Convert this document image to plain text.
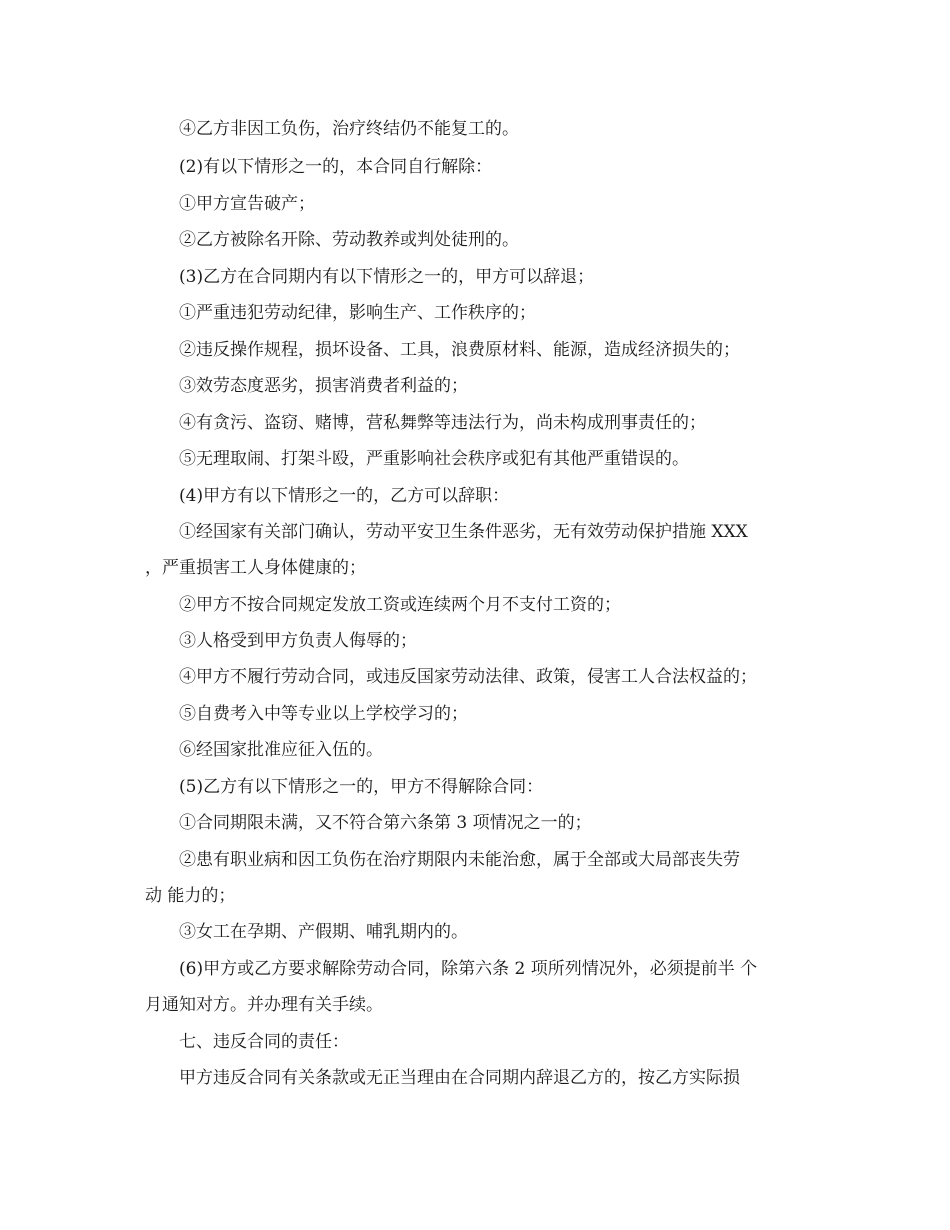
④乙方非因工负伤，治疗终结仍不能复工的。
(2)有以下情形之一的，本合同自行解除：
①甲方宣告破产；
②乙方被除名开除、劳动教养或判处徒刑的。
(3)乙方在合同期内有以下情形之一的，甲方可以辞退；
①严重违犯劳动纪律，影响生产、工作秩序的；
②违反操作规程，损坏设备、工具，浪费原材料、能源，造成经济损失的；
③效劳态度恶劣，损害消费者利益的；
④有贪污、盗窃、赌博，营私舞弊等违法行为，尚未构成刑事责任的；
⑤无理取闹、打架斗殴，严重影响社会秩序或犯有其他严重错误的。
(4)甲方有以下情形之一的，乙方可以辞职：
①经国家有关部门确认，劳动平安卫生条件恶劣，无有效劳动保护措施 XXX
，严重损害工人身体健康的；
②甲方不按合同规定发放工资或连续两个月不支付工资的；
③人格受到甲方负责人侮辱的；
④甲方不履行劳动合同，或违反国家劳动法律、政策，侵害工人合法权益的；
⑤自费考入中等专业以上学校学习的；
⑥经国家批准应征入伍的。
(5)乙方有以下情形之一的，甲方不得解除合同：
①合同期限未满，又不符合第六条第 3 项情况之一的；
②患有职业病和因工负伤在治疗期限内未能治愈，属于全部或大局部丧失劳
动 能力的；
③女工在孕期、产假期、哺乳期内的。
(6)甲方或乙方要求解除劳动合同，除第六条 2 项所列情况外，必须提前半 个
月通知对方。并办理有关手续。
七、违反合同的责任：
甲方违反合同有关条款或无正当理由在合同期内辞退乙方的，按乙方实际损
